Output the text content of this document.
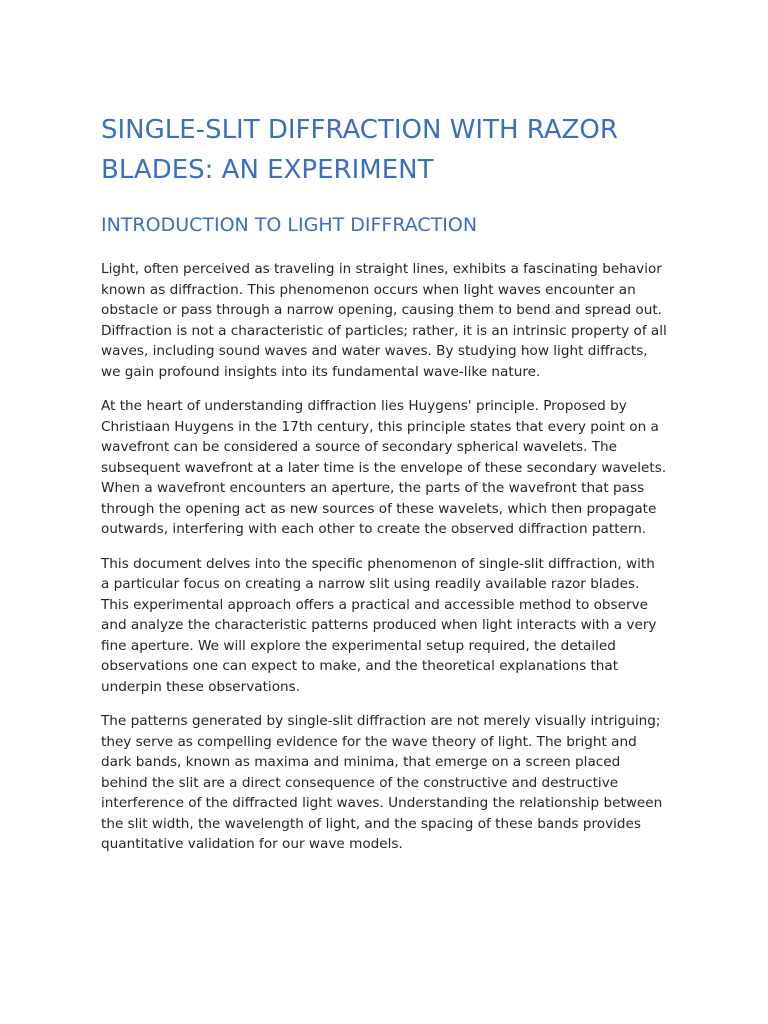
SINGLE-SLIT DIFFRACTION WITH RAZOR BLADES: AN EXPERIMENT
INTRODUCTION TO LIGHT DIFFRACTION

Light, often perceived as traveling in straight lines, exhibits a fascinating behavior known as diffraction. This phenomenon occurs when light waves encounter an obstacle or pass through a narrow opening, causing them to bend and spread out. Diffraction is not a characteristic of particles; rather, it is an intrinsic property of all waves, including sound waves and water waves. By studying how light diffracts, we gain profound insights into its fundamental wave-like nature.

At the heart of understanding diffraction lies Huygens' principle. Proposed by Christiaan Huygens in the 17th century, this principle states that every point on a wavefront can be considered a source of secondary spherical wavelets. The subsequent wavefront at a later time is the envelope of these secondary wavelets. When a wavefront encounters an aperture, the parts of the wavefront that pass through the opening act as new sources of these wavelets, which then propagate outwards, interfering with each other to create the observed diffraction pattern.

This document delves into the specific phenomenon of single-slit diffraction, with a particular focus on creating a narrow slit using readily available razor blades. This experimental approach offers a practical and accessible method to observe and analyze the characteristic patterns produced when light interacts with a very fine aperture. We will explore the experimental setup required, the detailed observations one can expect to make, and the theoretical explanations that underpin these observations.

The patterns generated by single-slit diffraction are not merely visually intriguing; they serve as compelling evidence for the wave theory of light. The bright and dark bands, known as maxima and minima, that emerge on a screen placed behind the slit are a direct consequence of the constructive and destructive interference of the diffracted light waves. Understanding the relationship between the slit width, the wavelength of light, and the spacing of these bands provides quantitative validation for our wave models.
